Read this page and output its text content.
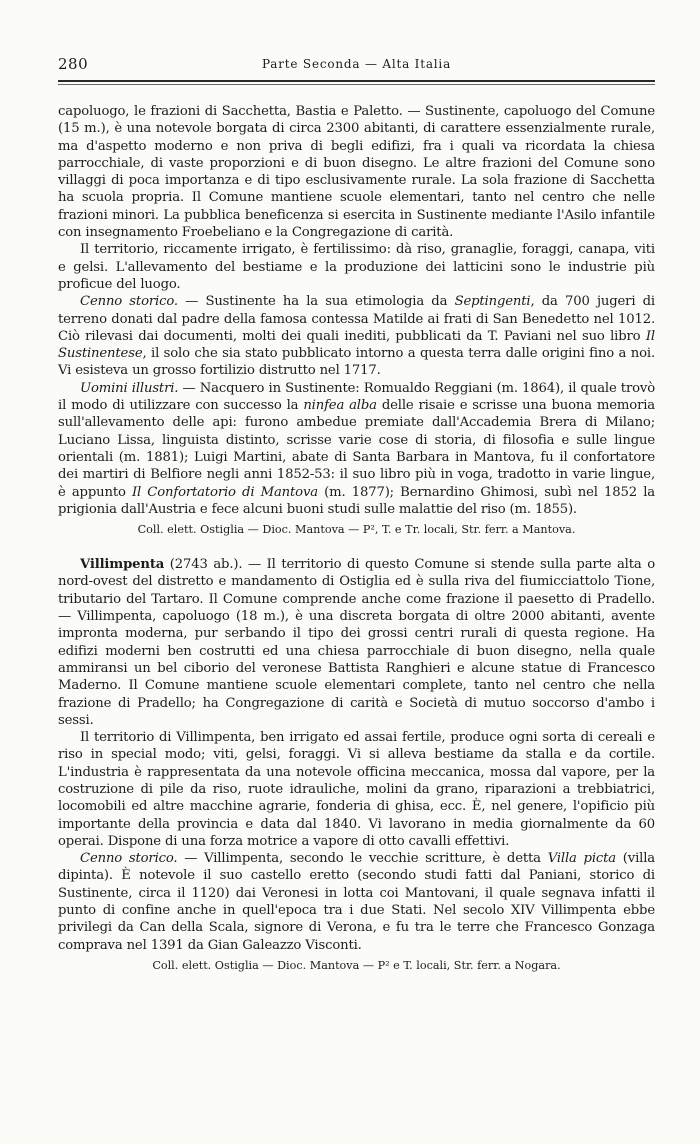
280	Parte Seconda — Alta Italia

capoluogo, le frazioni di Sacchetta, Bastia e Paletto. — Sustinente, capoluogo del Comune (15 m.), è una notevole borgata di circa 2300 abitanti, di carattere essenzialmente rurale, ma d'aspetto moderno e non priva di begli edifizi, fra i quali va ricordata la chiesa parrocchiale, di vaste proporzioni e di buon disegno. Le altre frazioni del Comune sono villaggi di poca importanza e di tipo esclusivamente rurale. La sola frazione di Sacchetta ha scuola propria. Il Comune mantiene scuole elementari, tanto nel centro che nelle frazioni minori. La pubblica beneficenza si esercita in Sustinente mediante l'Asilo infantile con insegnamento Froebeliano e la Congregazione di carità.

Il territorio, riccamente irrigato, è fertilissimo: dà riso, granaglie, foraggi, canapa, viti e gelsi. L'allevamento del bestiame e la produzione dei latticini sono le industrie più proficue del luogo.

Cenno storico. — Sustinente ha la sua etimologia da Septingenti, da 700 jugeri di terreno donati dal padre della famosa contessa Matilde ai frati di San Benedetto nel 1012. Ciò rilevasi dai documenti, molti dei quali inediti, pubblicati da T. Paviani nel suo libro Il Sustinentese, il solo che sia stato pubblicato intorno a questa terra dalle origini fino a noi. Vi esisteva un grosso fortilizio distrutto nel 1717.

Uomini illustri. — Nacquero in Sustinente: Romualdo Reggiani (m. 1864), il quale trovò il modo di utilizzare con successo la ninfea alba delle risaie e scrisse una buona memoria sull'allevamento delle api: furono ambedue premiate dall'Accademia Brera di Milano; Luciano Lissa, linguista distinto, scrisse varie cose di storia, di filosofia e sulle lingue orientali (m. 1881); Luigi Martini, abate di Santa Barbara in Mantova, fu il confortatore dei martiri di Belfiore negli anni 1852-53: il suo libro più in voga, tradotto in varie lingue, è appunto Il Confortatorio di Mantova (m. 1877); Bernardino Ghimosi, subì nel 1852 la prigionia dall'Austria e fece alcuni buoni studi sulle malattie del riso (m. 1855).

Coll. elett. Ostiglia — Dioc. Mantova — P², T. e Tr. locali, Str. ferr. a Mantova.

Villimpenta (2743 ab.). — Il territorio di questo Comune si stende sulla parte alta o nord-ovest del distretto e mandamento di Ostiglia ed è sulla riva del fiumicciattolo Tione, tributario del Tartaro. Il Comune comprende anche come frazione il paesetto di Pradello. — Villimpenta, capoluogo (18 m.), è una discreta borgata di oltre 2000 abitanti, avente impronta moderna, pur serbando il tipo dei grossi centri rurali di questa regione. Ha edifizi moderni ben costrutti ed una chiesa parrocchiale di buon disegno, nella quale ammiransi un bel ciborio del veronese Battista Ranghieri e alcune statue di Francesco Maderno. Il Comune mantiene scuole elementari complete, tanto nel centro che nella frazione di Pradello; ha Congregazione di carità e Società di mutuo soccorso d'ambo i sessi.

Il territorio di Villimpenta, ben irrigato ed assai fertile, produce ogni sorta di cereali e riso in special modo; viti, gelsi, foraggi. Vi si alleva bestiame da stalla e da cortile. L'industria è rappresentata da una notevole officina meccanica, mossa dal vapore, per la costruzione di pile da riso, ruote idrauliche, molini da grano, riparazioni a trebbiatrici, locomobili ed altre macchine agrarie, fonderia di ghisa, ecc. È, nel genere, l'opificio più importante della provincia e data dal 1840. Vi lavorano in media giornalmente da 60 operai. Dispone di una forza motrice a vapore di otto cavalli effettivi.

Cenno storico. — Villimpenta, secondo le vecchie scritture, è detta Villa picta (villa dipinta). È notevole il suo castello eretto (secondo studi fatti dal Paniani, storico di Sustinente, circa il 1120) dai Veronesi in lotta coi Mantovani, il quale segnava infatti il punto di confine anche in quell'epoca tra i due Stati. Nel secolo XIV Villimpenta ebbe privilegi da Can della Scala, signore di Verona, e fu tra le terre che Francesco Gonzaga comprava nel 1391 da Gian Galeazzo Visconti.

Coll. elett. Ostiglia — Dioc. Mantova — P² e T. locali, Str. ferr. a Nogara.
